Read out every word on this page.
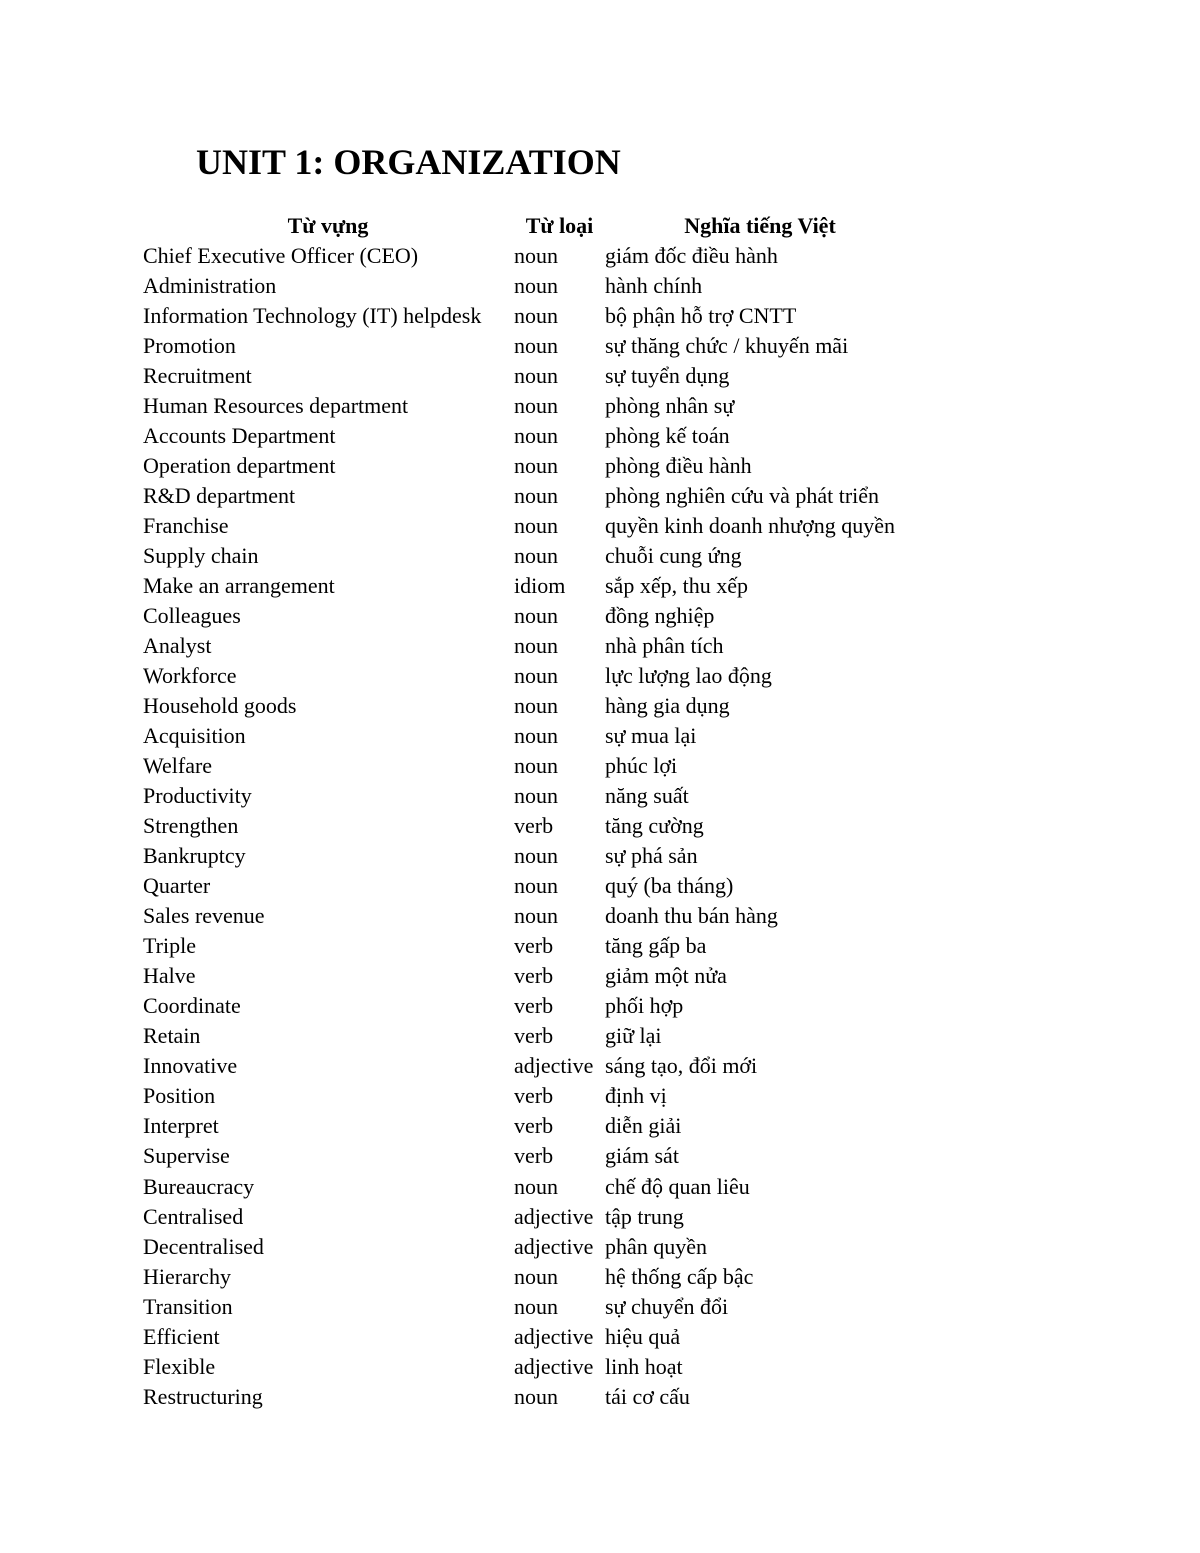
UNIT 1: ORGANIZATION
Từ vựng	Từ loại	Nghĩa tiếng Việt
Chief Executive Officer (CEO)	noun giám đốc điều hành
Administration	noun hành chính
Information Technology (IT) helpdesk noun bộ phận hỗ trợ CNTT
Promotion	noun sự thăng chức / khuyến mãi
Recruitment	noun sự tuyển dụng
Human Resources department	noun phòng nhân sự
Accounts Department	noun phòng kế toán
Operation department	noun phòng điều hành
R&D department	noun phòng nghiên cứu và phát triển
Franchise	noun quyền kinh doanh nhượng quyền
Supply chain	noun chuỗi cung ứng
Make an arrangement	idiom sắp xếp, thu xếp
Colleagues	noun đồng nghiệp
Analyst	noun nhà phân tích
Workforce	noun lực lượng lao động
Household goods	noun hàng gia dụng
Acquisition	noun sự mua lại
Welfare	noun phúc lợi
Productivity	noun năng suất
Strengthen	verb tăng cường
Bankruptcy	noun sự phá sản
Quarter	noun quý (ba tháng)
Sales revenue	noun doanh thu bán hàng
Triple	verb tăng gấp ba
Halve	verb giảm một nửa
Coordinate	verb phối hợp
Retain	verb giữ lại
Innovative	adjective sáng tạo, đổi mới
Position	verb định vị
Interpret	verb diễn giải
Supervise	verb giám sát
Bureaucracy	noun chế độ quan liêu
Centralised	adjective tập trung
Decentralised	adjective phân quyền
Hierarchy	noun hệ thống cấp bậc
Transition	noun sự chuyển đổi
Efficient	adjective hiệu quả
Flexible	adjective linh hoạt
Restructuring	noun tái cơ cấu
